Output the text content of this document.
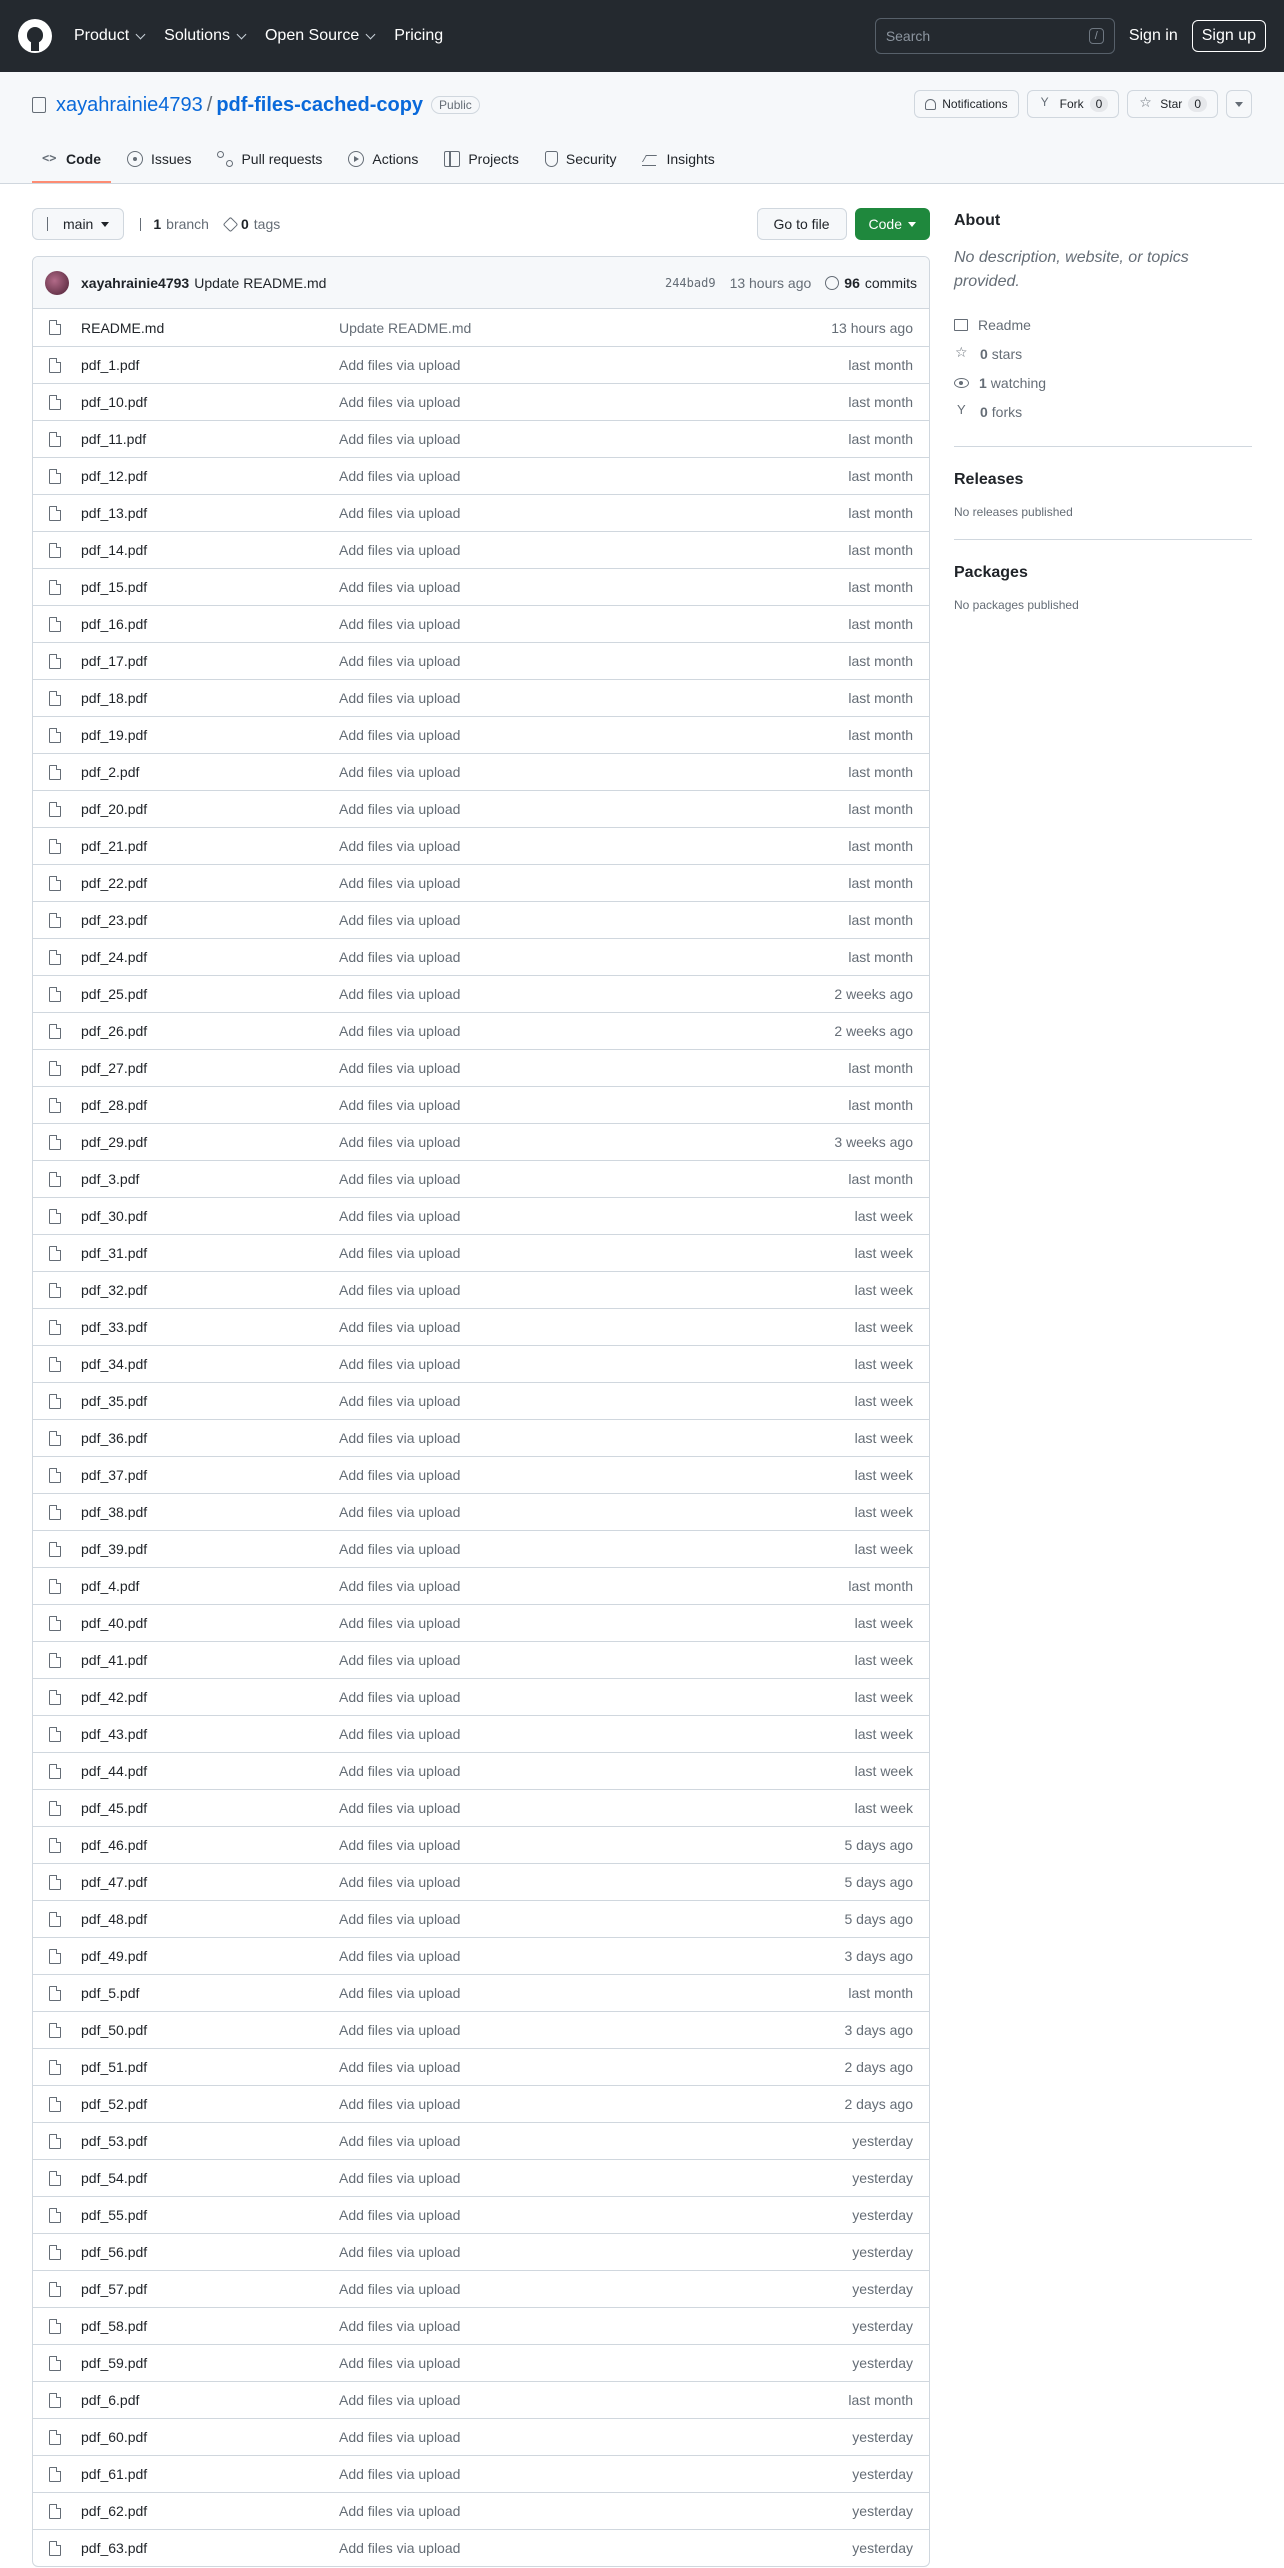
Product Solutions Open Source Pricing	Search	/	Sign in	Sign up
xayahrainie4793 / pdf-files-cached-copy	Public	Notifications Y	Fork	0 ☆	Star	0
<>
Code	Issues	Pull requests	Actions	Projects	Security	Insights
main	1 branch 0 tags	Go to file	Code
xayahrainie4793 Update README.md	244bad9 13 hours ago 96 commits
README.md	Update README.md	13 hours ago
pdf_1.pdf	Add files via upload	last month
pdf_10.pdf	Add files via upload	last month
pdf_11.pdf	Add files via upload	last month
pdf_12.pdf	Add files via upload	last month
pdf_13.pdf	Add files via upload	last month
pdf_14.pdf	Add files via upload	last month
pdf_15.pdf	Add files via upload	last month
pdf_16.pdf	Add files via upload	last month
pdf_17.pdf	Add files via upload	last month
pdf_18.pdf	Add files via upload	last month
pdf_19.pdf	Add files via upload	last month
pdf_2.pdf	Add files via upload	last month
pdf_20.pdf	Add files via upload	last month
pdf_21.pdf	Add files via upload	last month
pdf_22.pdf	Add files via upload	last month
pdf_23.pdf	Add files via upload	last month
pdf_24.pdf	Add files via upload	last month
pdf_25.pdf	Add files via upload	2 weeks ago
pdf_26.pdf	Add files via upload	2 weeks ago
pdf_27.pdf	Add files via upload	last month
pdf_28.pdf	Add files via upload	last month
pdf_29.pdf	Add files via upload	3 weeks ago
pdf_3.pdf	Add files via upload	last month
pdf_30.pdf	Add files via upload	last week
pdf_31.pdf	Add files via upload	last week
pdf_32.pdf	Add files via upload	last week
pdf_33.pdf	Add files via upload	last week
pdf_34.pdf	Add files via upload	last week
pdf_35.pdf	Add files via upload	last week
pdf_36.pdf	Add files via upload	last week
pdf_37.pdf	Add files via upload	last week
pdf_38.pdf	Add files via upload	last week
pdf_39.pdf	Add files via upload	last week
pdf_4.pdf	Add files via upload	last month
pdf_40.pdf	Add files via upload	last week
pdf_41.pdf	Add files via upload	last week
pdf_42.pdf	Add files via upload	last week
pdf_43.pdf	Add files via upload	last week
pdf_44.pdf	Add files via upload	last week
pdf_45.pdf	Add files via upload	last week
pdf_46.pdf	Add files via upload	5 days ago
pdf_47.pdf	Add files via upload	5 days ago
pdf_48.pdf	Add files via upload	5 days ago
pdf_49.pdf	Add files via upload	3 days ago
pdf_5.pdf	Add files via upload	last month
pdf_50.pdf	Add files via upload	3 days ago
pdf_51.pdf	Add files via upload	2 days ago
pdf_52.pdf	Add files via upload	2 days ago
pdf_53.pdf	Add files via upload	yesterday
pdf_54.pdf	Add files via upload	yesterday
pdf_55.pdf	Add files via upload	yesterday
pdf_56.pdf	Add files via upload	yesterday
pdf_57.pdf	Add files via upload	yesterday
pdf_58.pdf	Add files via upload	yesterday
pdf_59.pdf	Add files via upload	yesterday
pdf_6.pdf	Add files via upload	last month
pdf_60.pdf	Add files via upload	yesterday
pdf_61.pdf	Add files via upload	yesterday
pdf_62.pdf	Add files via upload	yesterday
pdf_63.pdf	Add files via upload	yesterday
About
No description, website, or topics provided.
Readme
☆
0 stars
1 watching
Y
0 forks
Releases
No releases published
Packages
No packages published
